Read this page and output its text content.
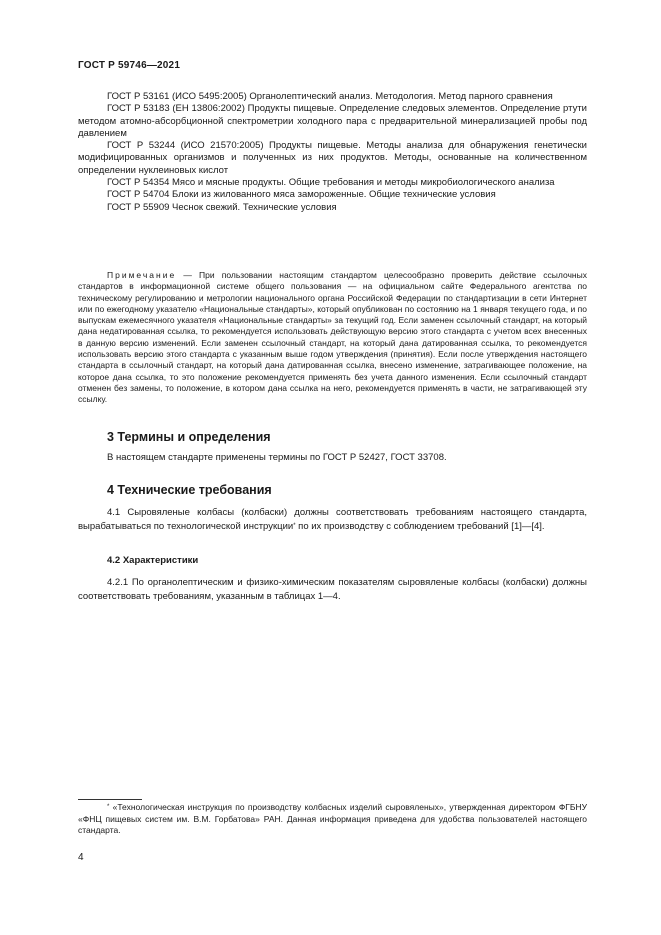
ГОСТ Р 59746—2021

ГОСТ Р 53161 (ИСО 5495:2005) Органолептический анализ. Методология. Метод парного сравнения

ГОСТ Р 53183 (ЕН 13806:2002) Продукты пищевые. Определение следовых элементов. Определение ртути методом атомно-абсорбционной спектрометрии холодного пара с предварительной минерализацией пробы под давлением

ГОСТ Р 53244 (ИСО 21570:2005) Продукты пищевые. Методы анализа для обнаружения генетически модифицированных организмов и полученных из них продуктов. Методы, основанные на количественном определении нуклеиновых кислот

ГОСТ Р 54354 Мясо и мясные продукты. Общие требования и методы микробиологического анализа

ГОСТ Р 54704 Блоки из жилованного мяса замороженные. Общие технические условия

ГОСТ Р 55909 Чеснок свежий. Технические условия

Примечание — При пользовании настоящим стандартом целесообразно проверить действие ссылочных стандартов в информационной системе общего пользования — на официальном сайте Федерального агентства по техническому регулированию и метрологии национального органа Российской Федерации по стандартизации в сети Интернет или по ежегодному указателю «Национальные стандарты», который опубликован по состоянию на 1 января текущего года, и по выпускам ежемесячного указателя «Национальные стандарты» за текущий год. Если заменен ссылочный стандарт, на который дана недатированная ссылка, то рекомендуется использовать действующую версию этого стандарта с учетом всех внесенных в данную версию изменений. Если заменен ссылочный стандарт, на который дана датированная ссылка, то рекомендуется использовать версию этого стандарта с указанным выше годом утверждения (принятия). Если после утверждения настоящего стандарта в ссылочный стандарт, на который дана датированная ссылка, внесено изменение, затрагивающее положение, на которое дана ссылка, то это положение рекомендуется применять без учета данного изменения. Если ссылочный стандарт отменен без замены, то положение, в котором дана ссылка на него, рекомендуется применять в части, не затрагивающей эту ссылку.

3 Термины и определения

В настоящем стандарте применены термины по ГОСТ Р 52427, ГОСТ 33708.

4 Технические требования

4.1 Сыровяленые колбасы (колбаски) должны соответствовать требованиям настоящего стандарта, вырабатываться по технологической инструкции* по их производству с соблюдением требований [1]—[4].

4.2 Характеристики

4.2.1 По органолептическим и физико-химическим показателям сыровяленые колбасы (колбаски) должны соответствовать требованиям, указанным в таблицах 1—4.

* «Технологическая инструкция по производству колбасных изделий сыровяленых», утвержденная директором ФГБНУ «ФНЦ пищевых систем им. В.М. Горбатова» РАН. Данная информация приведена для удобства пользователей настоящего стандарта.

4
